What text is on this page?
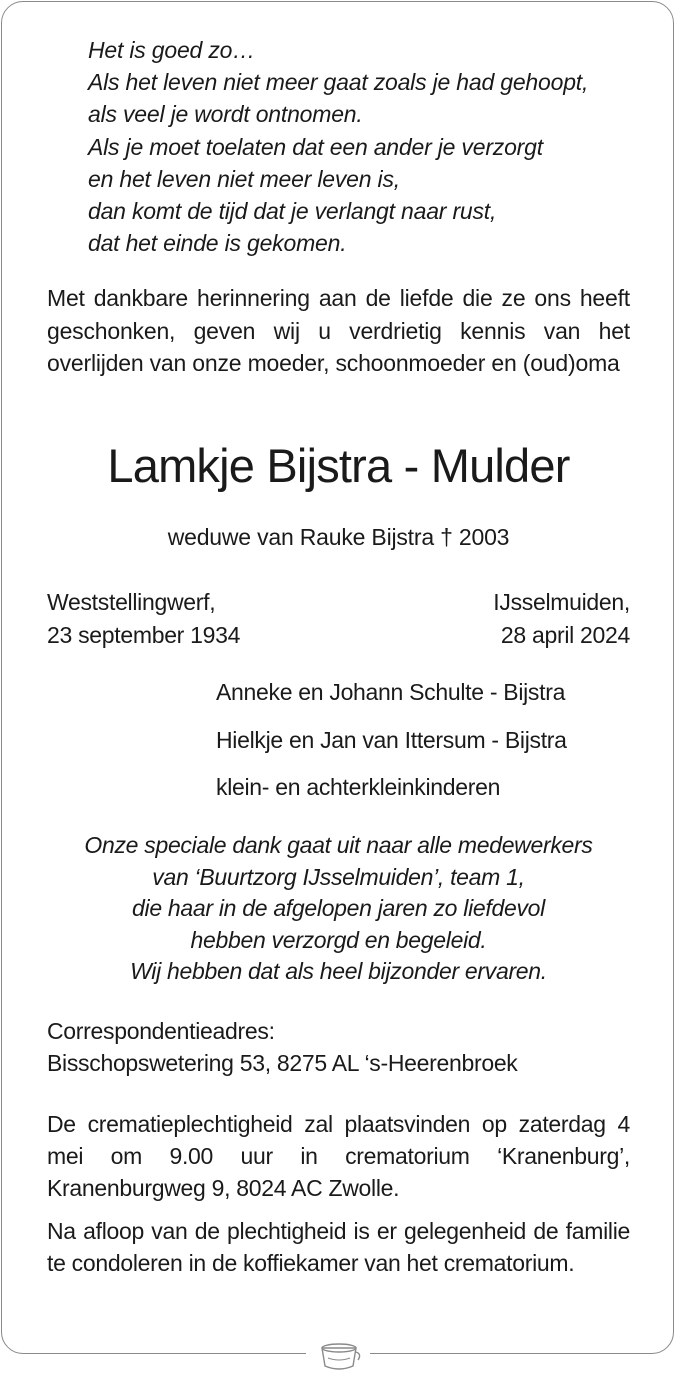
Het is goed zo…
Als het leven niet meer gaat zoals je had gehoopt,
als veel je wordt ontnomen.
Als je moet toelaten dat een ander je verzorgt
en het leven niet meer leven is,
dan komt de tijd dat je verlangt naar rust,
dat het einde is gekomen.
Met dankbare herinnering aan de liefde die ze ons heeft geschonken, geven wij u verdrietig kennis van het overlijden van onze moeder, schoonmoeder en (oud)oma
Lamkje Bijstra - Mulder
weduwe van Rauke Bijstra † 2003
Weststellingwerf,
23 september 1934
IJsselmuiden,
28 april 2024
Anneke en Johann Schulte - Bijstra
Hielkje en Jan van Ittersum - Bijstra
klein- en achterkleinkinderen
Onze speciale dank gaat uit naar alle medewerkers
van ‘Buurtzorg IJsselmuiden’, team 1,
die haar in de afgelopen jaren zo liefdevol
hebben verzorgd en begeleid.
Wij hebben dat als heel bijzonder ervaren.
Correspondentieadres:
Bisschopswetering 53, 8275 AL ‘s-Heerenbroek
De crematieplechtigheid zal plaatsvinden op zaterdag 4 mei om 9.00 uur in crematorium ‘Kranenburg’, Kranenburgweg 9, 8024 AC Zwolle.
Na afloop van de plechtigheid is er gelegenheid de familie te condoleren in de koffiekamer van het crematorium.
